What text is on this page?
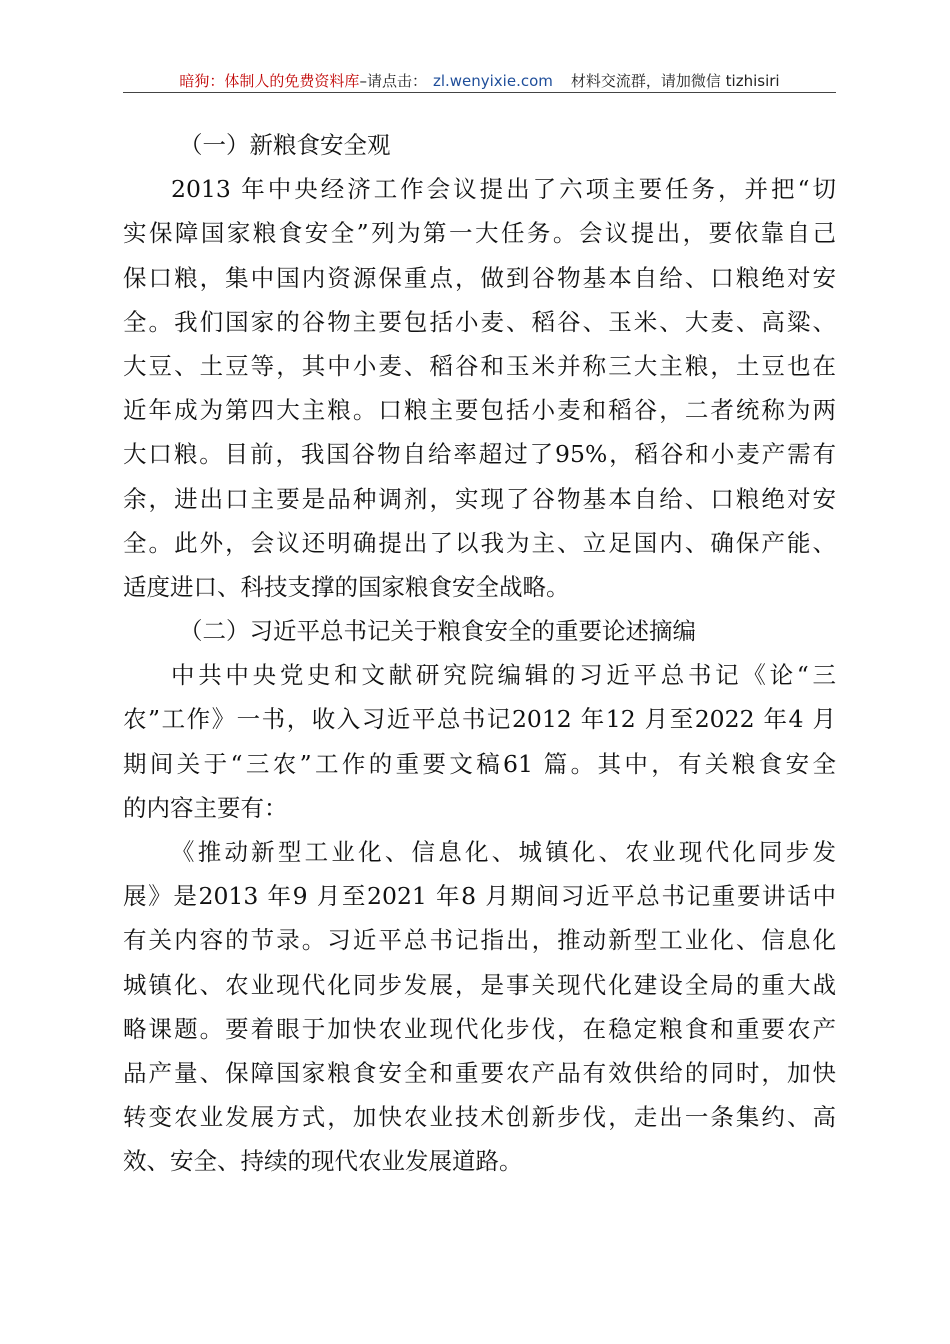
暗狗：体制人的免费资料库 –请点击： zl.wenyixie.com 材料交流群，请加微信 tizhisiri
（一）新粮食安全观
2013 年中央经济工作会议提出了六项主要任务，并把“切
实保障国家粮食安全”列为第一大任务。会议提出，要依靠自己
保口粮，集中国内资源保重点，做到谷物基本自给、口粮绝对安
全。我们国家的谷物主要包括小麦、稻谷、玉米、大麦、高粱、
大豆、土豆等，其中小麦、稻谷和玉米并称三大主粮，土豆也在
近年成为第四大主粮。口粮主要包括小麦和稻谷，二者统称为两
大口粮。目前，我国谷物自给率超过了95%，稻谷和小麦产需有
余，进出口主要是品种调剂，实现了谷物基本自给、口粮绝对安
全。此外，会议还明确提出了以我为主、立足国内、确保产能、
适度进口、科技支撑的国家粮食安全战略。
（二）习近平总书记关于粮食安全的重要论述摘编
中共中央党史和文献研究院编辑的习近平总书记《论“三
农”工作》一书，收入习近平总书记2012 年12 月至2022 年4 月
期间关于“三农”工作的重要文稿61 篇。其中，有关粮食安全
的内容主要有：
《推动新型工业化、信息化、城镇化、农业现代化同步发
展》是2013 年9 月至2021 年8 月期间习近平总书记重要讲话中
有关内容的节录。习近平总书记指出，推动新型工业化、信息化
城镇化、农业现代化同步发展，是事关现代化建设全局的重大战
略课题。要着眼于加快农业现代化步伐，在稳定粮食和重要农产
品产量、保障国家粮食安全和重要农产品有效供给的同时，加快
转变农业发展方式，加快农业技术创新步伐，走出一条集约、高
效、安全、持续的现代农业发展道路。
